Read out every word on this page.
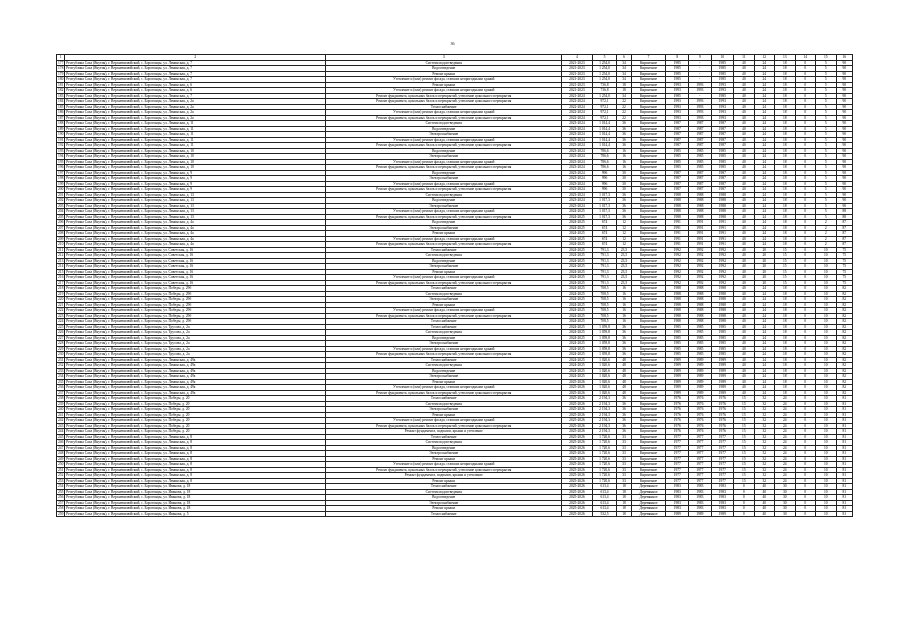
36
1	2	3	4	5	6	7	8	9	10	11	12	13	14	15	16
177	Республика Саха (Якутия), г. Верхневилюйский, с. Борогонцы, ул. Ленинская, д. 7	Система водоотведения	2021-2023	1 254,0	34	Кирпичное	1985	-	1985	40	24	18	0	5	90
178	Республика Саха (Якутия), г. Верхневилюйский, с. Борогонцы, ул. Ленинская, д. 7	Водоотведение	2021-2023	1 254,0	34	Кирпичное	1985	-	1985	40	24	18	0	5	90
179	Республика Саха (Якутия), г. Верхневилюйский, с. Борогонцы, ул. Ленинская, д. 7	Ремонт крыши	2021-2023	1 254,0	34	Кирпичное	1985	-	1985	40	24	18	0	5	90
180	Республика Саха (Якутия), г. Верхневилюйский, с. Борогонцы, ул. Ленинская, д. 7	Утепление и (или) ремонт фасада, ставших непригодными зданий	2021-2023	1 254,0	34	Кирпичное	1985	-	1985	40	24	18	0	5	90
181	Республика Саха (Якутия), г. Верхневилюйский, с. Борогонцы, ул. Ленинская, д. 6	Ремонт крыши	2021-2023	736,8	18	Кирпичное	1993	1993	1993	40	24	18	0	5	90
182	Республика Саха (Якутия), г. Верхневилюйский, с. Борогонцы, ул. Ленинская, д. 6	Утепление и (или) ремонт фасада, ставших непригодными зданий	2021-2023	736,8	18	Кирпичное	1993	1993	1993	40	24	18	0	5	90
183	Республика Саха (Якутия), г. Верхневилюйский, с. Борогонцы, ул. Ленинская, д. 7	Ремонт фундамента, цокольных балок и перекрытий, утепление цокольного перекрытия	2021-2024	1 254,0	34	Кирпичное	1985	-	1985	40	24	18	0	5	90
184	Республика Саха (Якутия), г. Верхневилюйский, с. Борогонцы, ул. Ленинская, д. 2а	Ремонт фундамента, цокольных балок и перекрытий, утепление цокольного перекрытия	2022-2024	972,1	22	Кирпичное	1993	1993	1993	40	24	18	0	5	90
185	Республика Саха (Якутия), г. Верхневилюйский, с. Борогонцы, ул. Ленинская, д. 2а	Теплоснабжение	2022-2024	972,1	22	Кирпичное	1993	1993	1993	40	24	18	0	5	90
186	Республика Саха (Якутия), г. Верхневилюйский, с. Борогонцы, ул. Ленинская, д. 2а	Утепление и (или) ремонт фасада, ставших непригодными зданий	2022-2024	972,1	22	Кирпичное	1993	1993	1993	40	24	18	0	5	90
187	Республика Саха (Якутия), г. Верхневилюйский, с. Борогонцы, ул. Ленинская, д. 2а	Ремонт фундамента, цокольных балок и перекрытий, утепление цокольного перекрытия	2022-2024	972,1	22	Кирпичное	1993	1993	1993	40	24	18	0	5	90
188	Республика Саха (Якутия), г. Верхневилюйский, с. Борогонцы, ул. Ленинская, д. 11	Система водоотведения	2023-2024	1 014,4	36	Кирпичное	1987	1987	1987	40	24	18	0	5	90
189	Республика Саха (Якутия), г. Верхневилюйский, с. Борогонцы, ул. Ленинская, д. 11	Водоотведение	2023-2024	1 014,4	36	Кирпичное	1987	1987	1987	40	24	18	0	5	90
190	Республика Саха (Якутия), г. Верхневилюйский, с. Борогонцы, ул. Ленинская, д. 11	Электроснабжение	2023-2024	1 014,4	36	Кирпичное	1987	1987	1987	40	24	18	0	5	90
191	Республика Саха (Якутия), г. Верхневилюйский, с. Борогонцы, ул. Ленинская, д. 11	Утепление и (или) ремонт фасада, ставших непригодными зданий	2023-2024	1 014,4	36	Кирпичное	1987	1987	1987	40	24	18	0	5	90
192	Республика Саха (Якутия), г. Верхневилюйский, с. Борогонцы, ул. Ленинская, д. 11	Ремонт фундамента, цокольных балок и перекрытий, утепление цокольного перекрытия	2023-2024	1 014,4	36	Кирпичное	1987	1987	1987	40	24	18	0	5	90
193	Республика Саха (Якутия), г. Верхневилюйский, с. Борогонцы, ул. Ленинская, д. 10	Водоотведение	2023-2024	786,6	16	Кирпичное	1985	1985	1985	40	24	18	0	5	90
194	Республика Саха (Якутия), г. Верхневилюйский, с. Борогонцы, ул. Ленинская, д. 10	Электроснабжение	2023-2024	786,6	16	Кирпичное	1985	1985	1985	40	24	18	0	5	90
195	Республика Саха (Якутия), г. Верхневилюйский, с. Борогонцы, ул. Ленинская, д. 10	Утепление и (или) ремонт фасада, ставших непригодными зданий	2023-2024	786,6	16	Кирпичное	1985	1985	1985	40	24	18	0	5	90
196	Республика Саха (Якутия), г. Верхневилюйский, с. Борогонцы, ул. Ленинская, д. 10	Ремонт фундамента, цокольных балок и перекрытий, утепление цокольного перекрытия	2023-2024	786,6	16	Кирпичное	1985	1985	1985	40	24	18	0	5	90
197	Республика Саха (Якутия), г. Верхневилюйский, с. Борогонцы, ул. Ленинская, д. 9	Водоотведение	2023-2024	996	30	Кирпичное	1987	1987	1987	40	24	18	0	5	90
198	Республика Саха (Якутия), г. Верхневилюйский, с. Борогонцы, ул. Ленинская, д. 9	Электроснабжение	2023-2024	996	30	Кирпичное	1987	1987	1987	40	24	18	0	5	90
199	Республика Саха (Якутия), г. Верхневилюйский, с. Борогонцы, ул. Ленинская, д. 9	Утепление и (или) ремонт фасада, ставших непригодными зданий	2023-2024	996	30	Кирпичное	1987	1987	1987	40	24	18	0	5	90
200	Республика Саха (Якутия), г. Верхневилюйский, с. Борогонцы, ул. Ленинская, д. 9	Ремонт фундамента, цокольных балок и перекрытий, утепление цокольного перекрытия	2023-2024	996	30	Кирпичное	1987	1987	1987	40	24	18	0	5	90
201	Республика Саха (Якутия), г. Верхневилюйский, с. Борогонцы, ул. Ленинская, д. 13	Система водоотведения	2023-2024	1 017,3	36	Кирпичное	1988	1988	1988	40	24	18	0	5	90
202	Республика Саха (Якутия), г. Верхневилюйский, с. Борогонцы, ул. Ленинская, д. 13	Водоотведение	2023-2024	1 017,3	36	Кирпичное	1988	1988	1988	40	24	18	0	5	90
203	Республика Саха (Якутия), г. Верхневилюйский, с. Борогонцы, ул. Ленинская, д. 13	Электроснабжение	2023-2024	1 017,3	36	Кирпичное	1988	1988	1988	40	24	18	0	5	90
204	Республика Саха (Якутия), г. Верхневилюйский, с. Борогонцы, ул. Ленинская, д. 13	Утепление и (или) ремонт фасада, ставших непригодными зданий	2024-2025	1 017,3	36	Кирпичное	1988	1988	1988	40	24	18	0	5	88
205	Республика Саха (Якутия), г. Верхневилюйский, с. Борогонцы, ул. Ленинская, д. 13	Ремонт фундамента, цокольных балок и перекрытий, утепление цокольного перекрытия	2024-2025	1 017,3	36	Кирпичное	1988	1988	1988	40	24	18	0	5	88
206	Республика Саха (Якутия), г. Верхневилюйский, с. Борогонцы, ул. Ленинская, д. 4а	Водоотведение	2024-2025	674	12	Кирпичное	1991	1991	1991	40	24	18	0	2	87
207	Республика Саха (Якутия), г. Верхневилюйский, с. Борогонцы, ул. Ленинская, д. 4а	Электроснабжение	2024-2025	674	12	Кирпичное	1991	1991	1991	40	24	18	0	2	87
208	Республика Саха (Якутия), г. Верхневилюйский, с. Борогонцы, ул. Ленинская, д. 4а	Ремонт крыши	2024-2025	674	12	Кирпичное	1991	1991	1991	40	24	18	0	2	87
209	Республика Саха (Якутия), г. Верхневилюйский, с. Борогонцы, ул. Ленинская, д. 4а	Утепление и (или) ремонт фасада, ставших непригодными зданий	2024-2025	674	12	Кирпичное	1991	1991	1991	40	24	18	0	2	87
210	Республика Саха (Якутия), г. Верхневилюйский, с. Борогонцы, ул. Ленинская, д. 4а	Ремонт фундамента, цокольных балок и перекрытий, утепление цокольного перекрытия	2024-2025	674	12	Кирпичное	1991	1991	1991	40	24	18	0	2	87
211	Республика Саха (Якутия), г. Верхневилюйский, с. Борогонцы, ул. Советская, д. 16	Теплоснабжение	2024-2025	791,3	23,5	Кирпичное	1992	1992	1992	40	20	15	0	10	75
212	Республика Саха (Якутия), г. Верхневилюйский, с. Борогонцы, ул. Советская, д. 16	Система водоотведения	2024-2025	791,3	23,5	Кирпичное	1992	1992	1992	40	20	15	0	10	75
213	Республика Саха (Якутия), г. Верхневилюйский, с. Борогонцы, ул. Советская, д. 16	Водоотведение	2024-2025	791,3	23,5	Кирпичное	1992	1992	1992	40	20	15	0	10	75
214	Республика Саха (Якутия), г. Верхневилюйский, с. Борогонцы, ул. Советская, д. 16	Электроснабжение	2024-2025	791,3	23,5	Кирпичное	1992	1992	1992	40	20	15	0	10	75
215	Республика Саха (Якутия), г. Верхневилюйский, с. Борогонцы, ул. Советская, д. 16	Ремонт крыши	2024-2025	791,3	23,5	Кирпичное	1992	1992	1992	40	20	15	0	10	75
216	Республика Саха (Якутия), г. Верхневилюйский, с. Борогонцы, ул. Советская, д. 16	Утепление и (или) ремонт фасада, ставших непригодными зданий	2024-2025	791,3	23,5	Кирпичное	1992	1992	1992	40	20	15	0	10	75
217	Республика Саха (Якутия), г. Верхневилюйский, с. Борогонцы, ул. Советская, д. 16	Ремонт фундамента, цокольных балок и перекрытий, утепление цокольного перекрытия	2024-2025	791,3	23,5	Кирпичное	1992	1992	1992	40	20	15	0	10	75
218	Республика Саха (Якутия), г. Верхневилюйский, с. Борогонцы, ул. Победы, д. 29б	Теплоснабжение	2024-2025	708,5	16	Кирпичное	1988	1988	1988	40	24	18	0	10	82
219	Республика Саха (Якутия), г. Верхневилюйский, с. Борогонцы, ул. Победы, д. 29б	Система водоотведения	2024-2025	708,5	16	Кирпичное	1988	1988	1988	40	24	18	0	10	82
220	Республика Саха (Якутия), г. Верхневилюйский, с. Борогонцы, ул. Победы, д. 29б	Электроснабжение	2024-2025	708,5	16	Кирпичное	1988	1988	1988	40	24	18	0	10	82
221	Республика Саха (Якутия), г. Верхневилюйский, с. Борогонцы, ул. Победы, д. 29б	Ремонт крыши	2024-2025	708,5	16	Кирпичное	1988	1988	1988	40	24	18	0	10	82
222	Республика Саха (Якутия), г. Верхневилюйский, с. Борогонцы, ул. Победы, д. 29б	Утепление и (или) ремонт фасада, ставших непригодными зданий	2024-2025	708,5	16	Кирпичное	1988	1988	1988	40	24	18	0	10	82
223	Республика Саха (Якутия), г. Верхневилюйский, с. Борогонцы, ул. Победы, д. 29б	Ремонт фундамента, цокольных балок и перекрытий, утепление цокольного перекрытия	2024-2025	708,5	16	Кирпичное	1988	1988	1988	40	24	18	0	10	82
224	Республика Саха (Якутия), г. Верхневилюйский, с. Борогонцы, ул. Победы, д. 29б	Теплоснабжение	2024-2025	708,5	16	Кирпичное	1988	1988	1988	40	24	18	0	10	82
225	Республика Саха (Якутия), г. Верхневилюйский, с. Борогонцы, ул. Трусова, д. 2а	Теплоснабжение	2024-2025	1 059,8	36	Кирпичное	1985	1985	1985	40	24	18	0	10	82
226	Республика Саха (Якутия), г. Верхневилюйский, с. Борогонцы, ул. Трусова, д. 2а	Система водоотведения	2024-2025	1 059,8	36	Кирпичное	1985	1985	1985	40	24	18	0	10	82
227	Республика Саха (Якутия), г. Верхневилюйский, с. Борогонцы, ул. Трусова, д. 2а	Водоотведение	2024-2025	1 059,8	36	Кирпичное	1985	1985	1985	40	24	18	0	10	82
228	Республика Саха (Якутия), г. Верхневилюйский, с. Борогонцы, ул. Трусова, д. 2а	Электроснабжение	2024-2025	1 059,8	36	Кирпичное	1985	1985	1985	40	24	18	0	10	82
229	Республика Саха (Якутия), г. Верхневилюйский, с. Борогонцы, ул. Трусова, д. 2а	Утепление и (или) ремонт фасада, ставших непригодными зданий	2024-2025	1 059,8	36	Кирпичное	1985	1985	1985	40	24	18	0	10	82
230	Республика Саха (Якутия), г. Верхневилюйский, с. Борогонцы, ул. Трусова, д. 2а	Ремонт фундамента, цокольных балок и перекрытий, утепление цокольного перекрытия	2024-2025	1 059,8	36	Кирпичное	1985	1985	1985	40	24	18	0	10	82
231	Республика Саха (Якутия), г. Верхневилюйский, с. Борогонцы, ул. Ленинская, д. 49а	Теплоснабжение	2024-2025	1 020,6	48	Кирпичное	1989	1989	1989	40	24	18	0	10	82
232	Республика Саха (Якутия), г. Верхневилюйский, с. Борогонцы, ул. Ленинская, д. 49а	Система водоотведения	2024-2025	1 020,6	48	Кирпичное	1989	1989	1989	40	24	18	0	10	82
233	Республика Саха (Якутия), г. Верхневилюйский, с. Борогонцы, ул. Ленинская, д. 49а	Водоотведение	2024-2025	1 020,6	48	Кирпичное	1989	1989	1989	40	24	18	0	10	82
234	Республика Саха (Якутия), г. Верхневилюйский, с. Борогонцы, ул. Ленинская, д. 49а	Электроснабжение	2024-2025	1 020,6	48	Кирпичное	1989	1989	1989	40	24	18	0	10	82
235	Республика Саха (Якутия), г. Верхневилюйский, с. Борогонцы, ул. Ленинская, д. 49а	Ремонт крыши	2025-2026	1 020,6	48	Кирпичное	1989	1989	1989	40	24	18	0	10	82
236	Республика Саха (Якутия), г. Верхневилюйский, с. Борогонцы, ул. Ленинская, д. 49а	Утепление и (или) ремонт фасада, ставших непригодными зданий	2025-2026	1 020,6	48	Кирпичное	1989	1989	1989	40	24	18	0	10	82
237	Республика Саха (Якутия), г. Верхневилюйский, с. Борогонцы, ул. Ленинская, д. 49а	Ремонт фундамента, цокольных балок и перекрытий, утепление цокольного перекрытия	2025-2026	1 020,6	48	Кирпичное	1989	1989	1989	40	24	18	0	10	82
238	Республика Саха (Якутия), г. Верхневилюйский, с. Борогонцы, ул. Победы, д. 20	Теплоснабжение	2025-2026	2 194,3	36	Кирпичное	1976	1976	1976	15	32	24	0	10	81
239	Республика Саха (Якутия), г. Верхневилюйский, с. Борогонцы, ул. Победы, д. 20	Система водоотведения	2025-2026	2 194,3	36	Кирпичное	1976	1976	1976	15	32	24	0	10	81
240	Республика Саха (Якутия), г. Верхневилюйский, с. Борогонцы, ул. Победы, д. 20	Электроснабжение	2025-2026	2 194,3	36	Кирпичное	1976	1976	1976	15	32	24	0	10	81
241	Республика Саха (Якутия), г. Верхневилюйский, с. Борогонцы, ул. Победы, д. 20	Ремонт крыши	2025-2026	2 194,3	36	Кирпичное	1976	1976	1976	15	32	24	0	10	81
242	Республика Саха (Якутия), г. Верхневилюйский, с. Борогонцы, ул. Победы, д. 20	Утепление и (или) ремонт фасада, ставших непригодными зданий	2025-2026	2 194,3	36	Кирпичное	1976	1976	1976	15	32	24	0	10	81
243	Республика Саха (Якутия), г. Верхневилюйский, с. Борогонцы, ул. Победы, д. 20	Ремонт фундамента, цокольных балок и перекрытий, утепление цокольного перекрытия	2025-2026	2 194,3	36	Кирпичное	1976	1976	1976	15	32	24	0	10	81
244	Республика Саха (Якутия), г. Верхневилюйский, с. Борогонцы, ул. Победы, д. 20	Ремонт фундамента, подвалов, крыши и утепление	2025-2026	2 194,3	36	Кирпичное	1976	1976	1976	15	32	24	0	10	81
245	Республика Саха (Якутия), г. Верхневилюйский, с. Борогонцы, ул. Ленинская, д. 8	Теплоснабжение	2025-2026	1 720,6	33	Кирпичное	1977	1977	1977	15	32	24	0	10	81
246	Республика Саха (Якутия), г. Верхневилюйский, с. Борогонцы, ул. Ленинская, д. 8	Система водоотведения	2025-2026	1 720,6	33	Кирпичное	1977	1977	1977	15	32	24	0	10	81
247	Республика Саха (Якутия), г. Верхневилюйский, с. Борогонцы, ул. Ленинская, д. 8	Водоотведение	2025-2026	1 720,6	33	Кирпичное	1977	1977	1977	15	32	24	0	10	81
248	Республика Саха (Якутия), г. Верхневилюйский, с. Борогонцы, ул. Ленинская, д. 8	Электроснабжение	2025-2026	1 720,6	33	Кирпичное	1977	1977	1977	15	32	24	0	10	81
249	Республика Саха (Якутия), г. Верхневилюйский, с. Борогонцы, ул. Ленинская, д. 8	Ремонт крыши	2025-2026	1 720,6	33	Кирпичное	1977	1977	1977	15	32	24	0	10	81
250	Республика Саха (Якутия), г. Верхневилюйский, с. Борогонцы, ул. Ленинская, д. 8	Утепление и (или) ремонт фасада, ставших непригодными зданий	2025-2026	1 720,6	33	Кирпичное	1977	1977	1977	15	32	24	0	10	81
251	Республика Саха (Якутия), г. Верхневилюйский, с. Борогонцы, ул. Ленинская, д. 8	Ремонт фундамента, цокольных балок и перекрытий, утепление цокольного перекрытия	2025-2026	1 720,6	33	Кирпичное	1977	1977	1977	15	32	24	0	10	81
252	Республика Саха (Якутия), г. Верхневилюйский, с. Борогонцы, ул. Ленинская, д. 8	Ремонт фундамента, подвалов, крыши и утепление	2025-2026	1 720,6	33	Кирпичное	1977	1977	1977	15	32	24	0	10	81
253	Республика Саха (Якутия), г. Верхневилюйский, с. Борогонцы, ул. Ленинская, д. 8	Ремонт крыши	2025-2026	1 720,6	33	Кирпичное	1977	1977	1977	15	32	24	0	10	81
254	Республика Саха (Якутия), г. Верхневилюйский, с. Борогонцы, ул. Иванова, д. 18	Теплоснабжение	2025-2026	613,4	18	Деревянное	1983	1983	1983	0	40	30	0	10	81
255	Республика Саха (Якутия), г. Верхневилюйский, с. Борогонцы, ул. Иванова, д. 18	Система водоотведения	2025-2026	613,4	18	Деревянное	1983	1983	1983	0	40	30	0	10	81
256	Республика Саха (Якутия), г. Верхневилюйский, с. Борогонцы, ул. Иванова, д. 18	Водоотведение	2025-2026	613,4	18	Деревянное	1983	1983	1983	0	40	30	0	10	81
257	Республика Саха (Якутия), г. Верхневилюйский, с. Борогонцы, ул. Иванова, д. 18	Электроснабжение	2025-2026	613,4	18	Деревянное	1983	1983	1983	0	40	30	0	10	81
258	Республика Саха (Якутия), г. Верхневилюйский, с. Борогонцы, ул. Иванова, д. 18	Ремонт крыши	2025-2026	613,4	18	Деревянное	1983	1983	1983	0	40	30	0	10	81
259	Республика Саха (Якутия), г. Верхневилюйский, с. Борогонцы, ул. Иванова, д. 5	Теплоснабжение	2025-2026	532,5	18	Деревянное	1989	1989	1989	0	40	30	0	10	81
